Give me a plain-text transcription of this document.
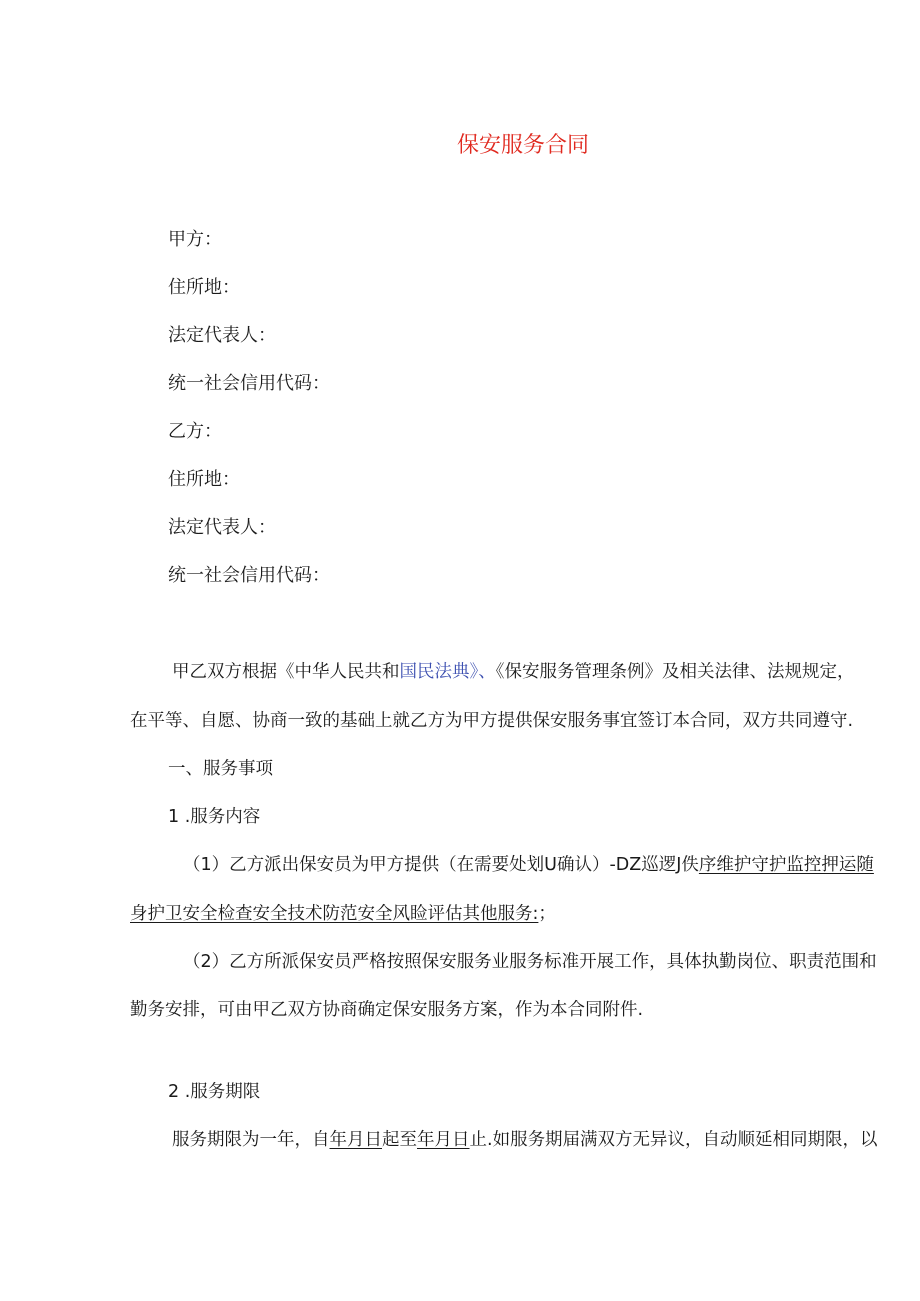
保安服务合同
甲方：
住所地：
法定代表人：
统一社会信用代码：
乙方：
住所地：
法定代表人：
统一社会信用代码：
甲乙双方根据《中华人民共和国民法典》、《保安服务管理条例》及相关法律、法规规定，
在平等、自愿、协商一致的基础上就乙方为甲方提供保安服务事宜签订本合同，双方共同遵守.
一、服务事项
1 .服务内容
（1）乙方派出保安员为甲方提供（在需要处划U确认）-DZ巡逻J佚序维护守护监控押运随
身护卫安全检查安全技术防范安全风睑评估其他服务:；
（2）乙方所派保安员严格按照保安服务业服务标准开展工作，具体执勤岗位、职责范围和
勤务安排，可由甲乙双方协商确定保安服务方案，作为本合同附件.
2 .服务期限
服务期限为一年，自年月日起至年月日止.如服务期届满双方无异议，自动顺延相同期限，以
